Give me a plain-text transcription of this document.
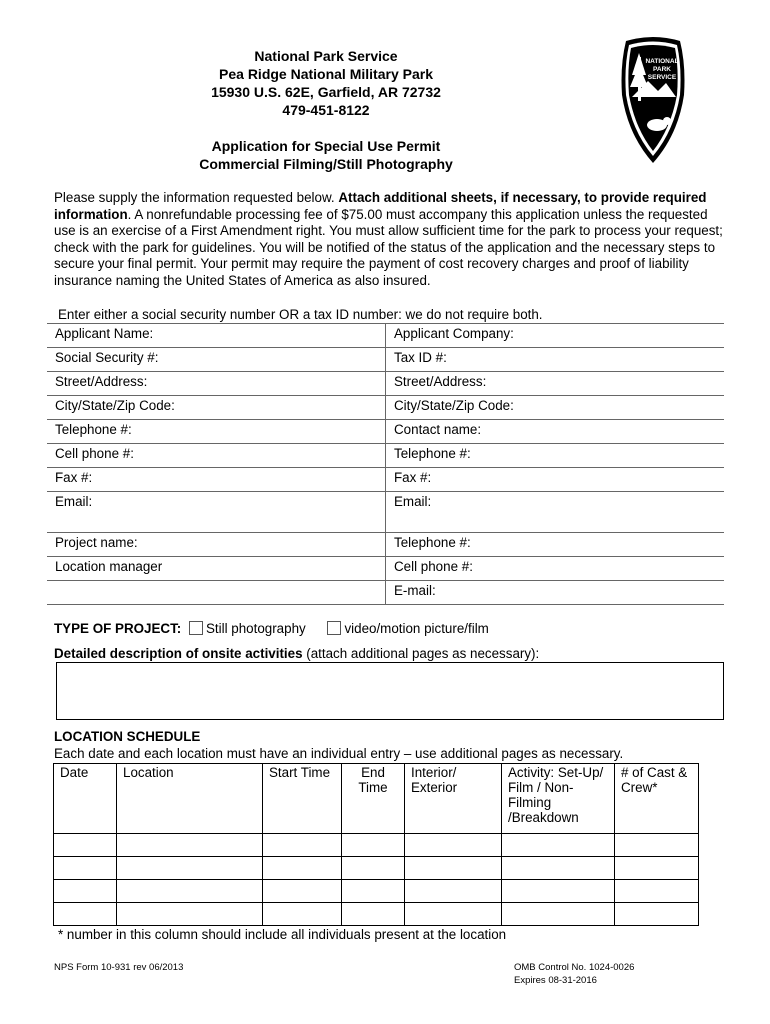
National Park Service
Pea Ridge National Military Park
15930 U.S. 62E, Garfield, AR 72732
479-451-8122
Application for Special Use Permit
Commercial Filming/Still Photography
NATIONAL
PARK
SERVICE
Please supply the information requested below. Attach additional sheets, if necessary, to provide required information. A nonrefundable processing fee of $75.00 must accompany this application unless the requested use is an exercise of a First Amendment right. You must allow sufficient time for the park to process your request; check with the park for guidelines. You will be notified of the status of the application and the necessary steps to secure your final permit. Your permit may require the payment of cost recovery charges and proof of liability insurance naming the United States of America as also insured.
Enter either a social security number OR a tax ID number: we do not require both.
Applicant Name:	Applicant Company:
Social Security #:	Tax ID #:
Street/Address:	Street/Address:
City/State/Zip Code:	City/State/Zip Code:
Telephone #:	Contact name:
Cell phone #:	Telephone #:
Fax #:	Fax #:
Email:	Email:
Project name:	Telephone #:
Location manager	Cell phone #:
	E-mail:
TYPE OF PROJECT: Still photography	video/motion picture/film
Detailed description of onsite activities (attach additional pages as necessary):
LOCATION SCHEDULE
Each date and each location must have an individual entry – use additional pages as necessary.
Date	Location	Start Time	End Time	Interior/ Exterior	Activity: Set-Up/ Film / Non-Filming /Breakdown	# of Cast & Crew*

* number in this column should include all individuals present at the location
NPS Form 10-931 rev 06/2013	OMB Control No. 1024-0026
Expires 08-31-2016
